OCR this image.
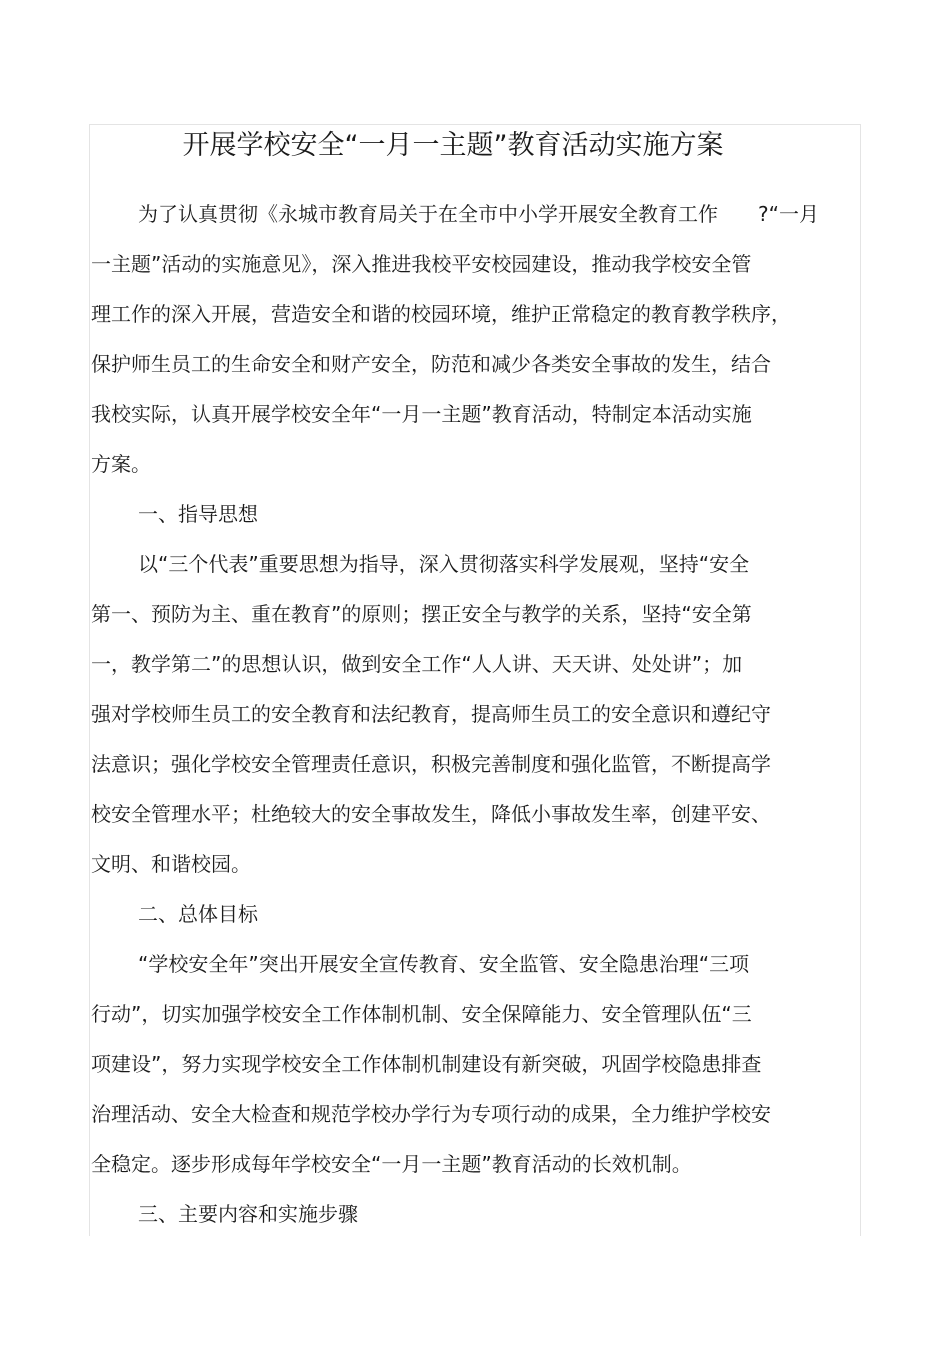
开展学校安全“一月一主题”教育活动实施方案

为了认真贯彻《永城市教育局关于在全市中小学开展安全教育工作　　?“一月

一主题”活动的实施意见》，深入推进我校平安校园建设，推动我学校安全管

理工作的深入开展，营造安全和谐的校园环境，维护正常稳定的教育教学秩序，

保护师生员工的生命安全和财产安全，防范和减少各类安全事故的发生，结合

我校实际，认真开展学校安全年“一月一主题”教育活动，特制定本活动实施

方案。

一、指导思想

以“三个代表”重要思想为指导，深入贯彻落实科学发展观，坚持“安全

第一、预防为主、重在教育”的原则；摆正安全与教学的关系，坚持“安全第

一，教学第二”的思想认识，做到安全工作“人人讲、天天讲、处处讲”；加

强对学校师生员工的安全教育和法纪教育，提高师生员工的安全意识和遵纪守

法意识；强化学校安全管理责任意识，积极完善制度和强化监管，不断提高学

校安全管理水平；杜绝较大的安全事故发生，降低小事故发生率，创建平安、

文明、和谐校园。

二、总体目标

“学校安全年”突出开展安全宣传教育、安全监管、安全隐患治理“三项

行动”，切实加强学校安全工作体制机制、安全保障能力、安全管理队伍“三

项建设”，努力实现学校安全工作体制机制建设有新突破，巩固学校隐患排查

治理活动、安全大检查和规范学校办学行为专项行动的成果，全力维护学校安

全稳定。逐步形成每年学校安全“一月一主题”教育活动的长效机制。

三、主要内容和实施步骤
